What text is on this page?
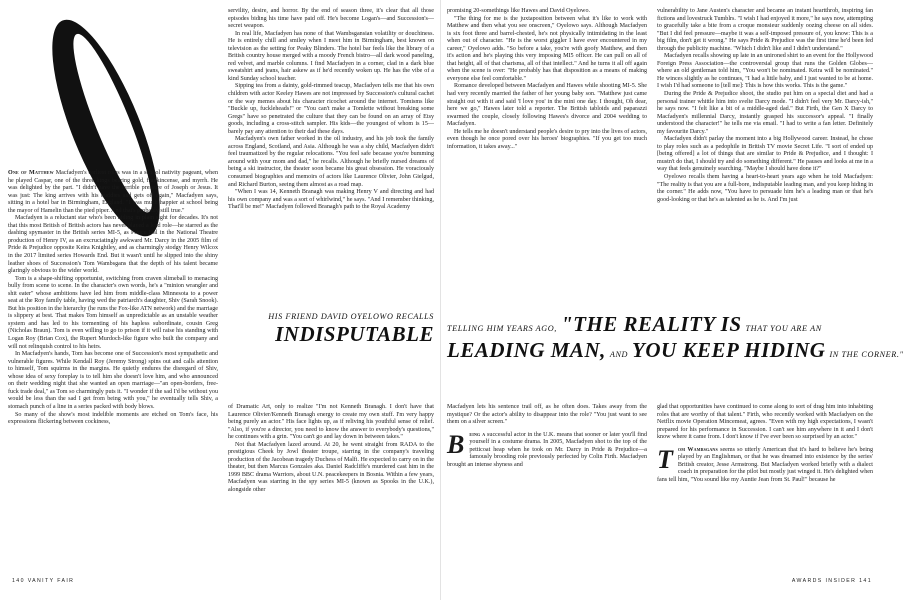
One of Matthew Macfadyen's earliest roles was in a school nativity pageant, when he played Caspar, one of the three kings bearing gold, frankincense, and myrrh. He was delighted by the part. "I didn't have the terrible pressure of Joseph or Jesus. It was just: The king arrives with his buddies and gets off again," Macfadyen says, sitting in a hotel bar in Birmingham, England. "I was much happier at school being the mayor of Hamelin than the pied piper. And that's probably still true."

Macfadyen is a reluctant star who's been hiding in plain sight for decades. It's not that this most British of British actors has never played a lead role—he starred as the dashing spymaster in the British series MI-5, as Prince Hal in the National Theatre production of Henry IV, as an excruciatingly awkward Mr. Darcy in the 2005 film of Pride & Prejudice opposite Keira Knightley, and as charmingly stodgy Henry Wilcox in the 2017 limited series Howards End. But it wasn't until he slipped into the shiny leather shoes of Succession's Tom Wambsgans that the depth of his talent became glaringly obvious to the wider world.

Tom is a shape-shifting opportunist, switching from craven slimeball to menacing bully from scene to scene. In the character's own words, he's a "minion wrangler and shit eater" whose ambitions have led him from middle-class Minnesota to a power seat at the Roy family table, having wed the patriarch's daughter, Shiv (Sarah Snook). But his position in the hierarchy (he runs the Fox-like ATN network) and the marriage is slippery at best. That makes Tom himself as unpredictable as an unstable weather system and has led to his tormenting of his hapless subordinate, cousin Greg (Nicholas Braun). Tom is even willing to go to prison if it will raise his standing with Logan Roy (Brian Cox), the Rupert Murdoch-like figure who built the company and will not relinquish control to his heirs.

In Macfadyen's hands, Tom has become one of Succession's most sympathetic and vulnerable figures. While Kendall Roy (Jeremy Strong) spins out and calls attention to himself, Tom squirms in the margins. He quietly endures the disregard of Shiv, whose idea of sexy foreplay is to tell him she doesn't love him, and who announced on their wedding night that she wanted an open marriage—"an open-borders, free-fuck trade deal," as Tom so charmingly puts it. "I wonder if the sad I'd be without you would be less than the sad I get from being with you," he eventually tells Shiv, a stomach punch of a line in a series packed with body blows.

So many of the show's most indelible moments are etched on Tom's face, his expressions flickering between cockiness,

servility, desire, and horror. By the end of season three, it's clear that all those episodes biding his time have paid off. He's become Logan's—and Succession's—secret weapon.

In real life, Macfadyen has none of that Wambsgansian volatility or douchiness. He is entirely chill and smiley when I meet him in Birmingham, best known on television as the setting for Peaky Blinders. The hotel bar feels like the library of a British country house merged with a moody French bistro—all dark wood paneling, red velvet, and marble columns. I find Macfadyen in a corner, clad in a dark blue sweatshirt and jeans, hair askew as if he'd recently woken up. He has the vibe of a kind Sunday school teacher.

Sipping tea from a dainty, gold-rimmed teacup, Macfadyen tells me that his own children with actor Keeley Hawes are not impressed by Succession's cultural cachet or the way memes about his character ricochet around the internet. Tomisms like "Buckle up, fuckleheads!" or "You can't make a Tomlette without breaking some Gregs" have so penetrated the culture that they can be found on an array of Etsy goods, including a cross-stitch sampler. His kids—the youngest of whom is 15—barely pay any attention to their dad these days.

Macfadyen's own father worked in the oil industry, and his job took the family across England, Scotland, and Asia. Although he was a shy child, Macfadyen didn't feel traumatized by the regular relocations. "You feel safe because you're bumming around with your mom and dad," he recalls. Although he briefly nursed dreams of being a ski instructor, the theater soon became his great obsession. He voraciously consumed biographies and memoirs of actors like Laurence Olivier, John Gielgud, and Richard Burton, seeing them almost as a road map.

"When I was 14, Kenneth Branagh was making Henry V and directing and had his own company and was a sort of whirlwind," he says. "And I remember thinking, That'll be me!" Macfadyen followed Branagh's path to the Royal Academy

HIS FRIEND DAVID OYELOWO RECALLS
INDISPUTABLE

of Dramatic Art, only to realize "I'm not Kenneth Branagh. I don't have that Laurence Olivier/Kenneth Branagh energy to create my own stuff. I'm very happy being purely an actor." His face lights up, as if reliving his youthful sense of relief. "Also, if you're a director, you need to know the answer to everybody's questions," he continues with a grin. "You can't go and lay down in between takes."

Not that Macfadyen lazed around. At 20, he went straight from RADA to the prestigious Cheek by Jowl theater troupe, starring in the company's traveling production of the Jacobean tragedy Duchess of Malfi. He expected to carry on in the theater, but then Marcus Gonzales aka. Daniel Radcliffe's murdered cast him in the 1999 BBC drama Warriors, about U.N. peacekeepers in Bosnia. Within a few years, Macfadyen was starring in the spy series MI-5 (known as Spooks in the U.K.), alongside other

140 VANITY FAIR

promising 20-somethings like Hawes and David Oyelowo.

"The thing for me is the juxtaposition between what it's like to work with Matthew and then what you see onscreen," Oyelowo says. Although Macfadyen is six foot three and barrel-chested, he's not physically intimidating in the least when out of character. "He is the worst giggler I have ever encountered in my career," Oyelowo adds. "So before a take, you're with goofy Matthew, and then it's action and he's playing this very imposing MI5 officer. He can pull on all of that height, all of that charisma, all of that intellect." And he turns it all off again when the scene is over: "He probably has that disposition as a means of making everyone else feel comfortable."

Romance developed between Macfadyen and Hawes while shooting MI-5. She had very recently married the father of her young baby son. "Matthew just came straight out with it and said 'I love you' in the mini one day. I thought, Oh dear, here we go," Hawes later told a reporter. The British tabloids and paparazzi swarmed the couple, closely following Hawes's divorce and 2004 wedding to Macfadyen.

He tells me he doesn't understand people's desire to pry into the lives of actors, even though he once pored over his heroes' biographies. "If you get too much information, it takes away..."

vulnerability to Jane Austen's character and became an instant heartthrob, inspiring fan fictions and lovestruck Tumblrs. "I wish I had enjoyed it more," he says now, attempting to gracefully take a bite from a croque monsieur suddenly oozing cheese on all sides. "But I did feel pressure—maybe it was a self-imposed pressure of, you know: This is a big film, don't get it wrong." He says Pride & Prejudice was the first time he'd been fed through the publicity machine. "Which I didn't like and I didn't understand."

Macfadyen recalls showing up late in an unironed shirt to an event for the Hollywood Foreign Press Association—the controversial group that runs the Golden Globes—where an old gentleman told him, "You won't be nominated. Keira will be nominated." He winces slightly as he continues, "I had a little baby, and I just wanted to be at home. I wish I'd had someone to [tell me]: This is how this works. This is the game."

During the Pride & Prejudice shoot, the studio put him on a special diet and had a personal trainer whittle him into svelte Darcy mode. "I didn't feel very Mr. Darcy-ish," he says now. "I felt like a bit of a middle-aged dad." But Firth, the Gen X Darcy to Macfadyen's millennial Darcy, instantly grasped his successor's appeal. "I finally understood the character!" he tells me via email. "I had to write a fan letter. Definitely my favourite Darcy."

Macfadyen didn't parlay the moment into a big Hollywood career. Instead, he chose to play roles such as a pedophile in British TV movie Secret Life. "I sort of ended up [being offered] a lot of things that are similar to Pride & Prejudice, and I thought: I mustn't do that, I should try and do something different." He pauses and looks at me in a way that feels genuinely searching. "Maybe I should have done it?"

Oyelowo recalls them having a heart-to-heart years ago when he told Macfadyen: "The reality is that you are a full-bore, indisputable leading man, and you keep hiding in the corner." He adds now, "You have to persuade him he's a leading man or that he's good-looking or that he's as talented as he is. And I'm just

TELLING HIM YEARS AGO, "THE REALITY IS THAT YOU ARE AN
LEADING MAN, AND YOU KEEP HIDING IN THE CORNER."

Macfadyen lets his sentence trail off, as he often does. Takes away from the mystique? Or the actor's ability to disappear into the role? "You just want to see them on a silver screen."

B eing a successful actor in the U.K. means that sooner or later you'll find yourself in a costume drama. In 2005, Macfadyen shot to the top of the petticoat heap when he took on Mr. Darcy in Pride & Prejudice—a famously brooding role previously perfected by Colin Firth. Macfadyen brought an intense shyness and

glad that opportunities have continued to come along to sort of drag him into inhabiting roles that are worthy of that talent." Firth, who recently worked with Macfadyen on the Netflix movie Operation Mincemeat, agrees. "Even with my high expectations, I wasn't prepared for his performance in Succession. I can't see him anywhere in it and I don't know where it came from. I don't know if I've ever been so surprised by an actor."

T om Wambsgans seems so utterly American that it's hard to believe he's being played by an Englishman, or that he was dreamed into existence by the series' British creator, Jesse Armstrong. But Macfadyen worked briefly with a dialect coach in preparation for the pilot but mostly just winged it. He's delighted when fans tell him, "You sound like my Auntie Jean from St. Paul!" because he

AWARDS INSIDER 141
